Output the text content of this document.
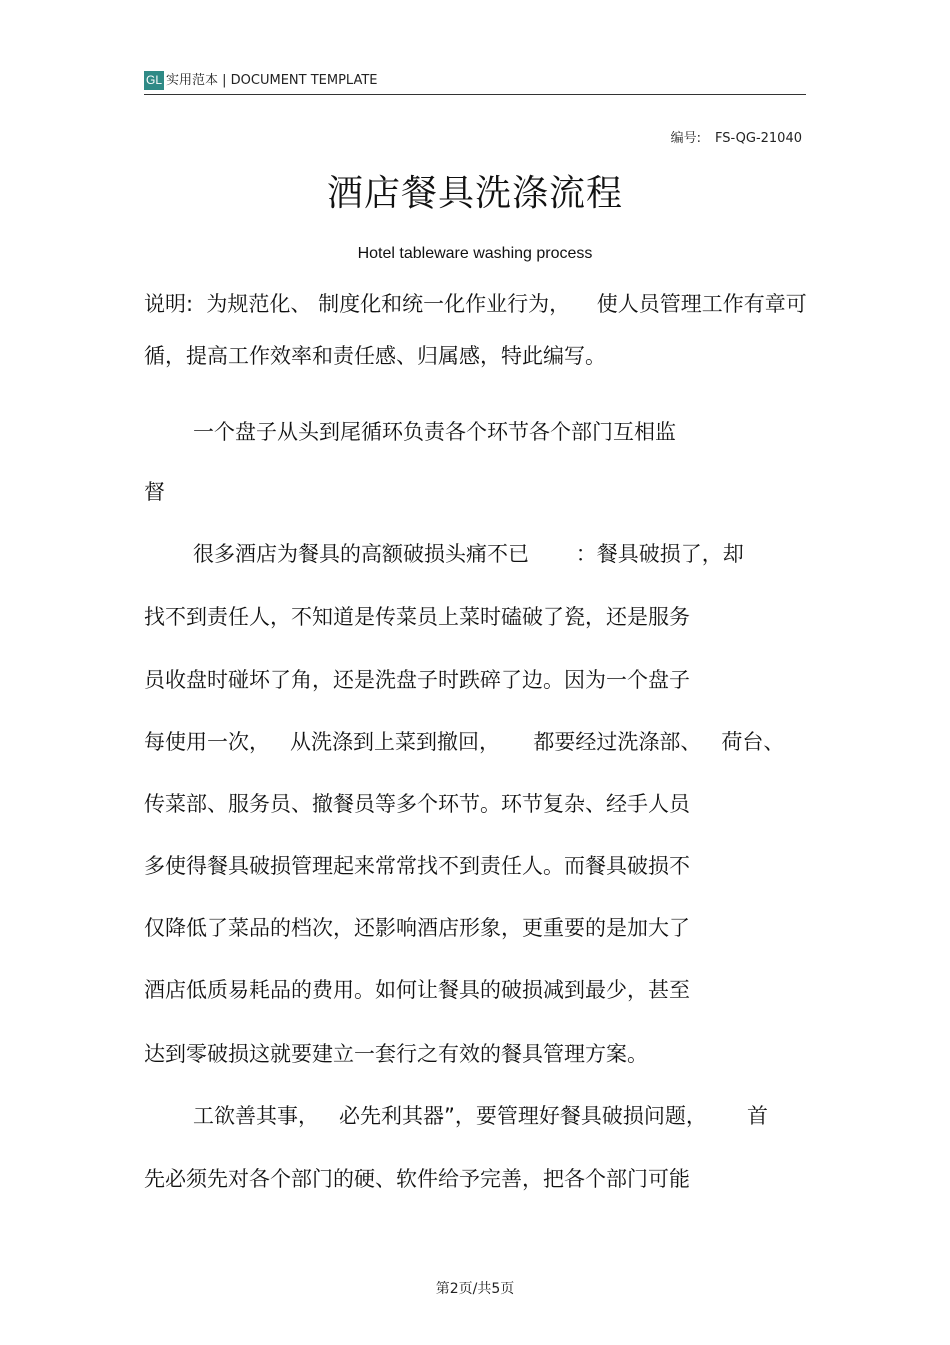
GL 实用范本 | DOCUMENT TEMPLATE
编号: FS-QG-21040
酒店餐具洗涤流程
Hotel tableware washing process
说明:  为规范化、 制度化和统一化作业行为，    使人员管理工作有章可
循，提高工作效率和责任感、归属感，特此编写。
一个盘子从头到尾循环负责各个环节各个部门互相监
督
很多酒店为餐具的高额破损头痛不已       ：餐具破损了，却
找不到责任人，不知道是传菜员上菜时磕破了瓷，还是服务
员收盘时碰坏了角，还是洗盘子时跌碎了边。因为一个盘子
每使用一次，   从洗涤到上菜到撤回，     都要经过洗涤部、   荷台、
传菜部、服务员、撤餐员等多个环节。环节复杂、经手人员
多使得餐具破损管理起来常常找不到责任人。而餐具破损不
仅降低了菜品的档次，还影响酒店形象，更重要的是加大了
酒店低质易耗品的费用。如何让餐具的破损减到最少，甚至
达到零破损这就要建立一套行之有效的餐具管理方案。
工欲善其事，   必先利其器”，要管理好餐具破损问题，      首
先必须先对各个部门的硬、软件给予完善，把各个部门可能
第2页/共5页
